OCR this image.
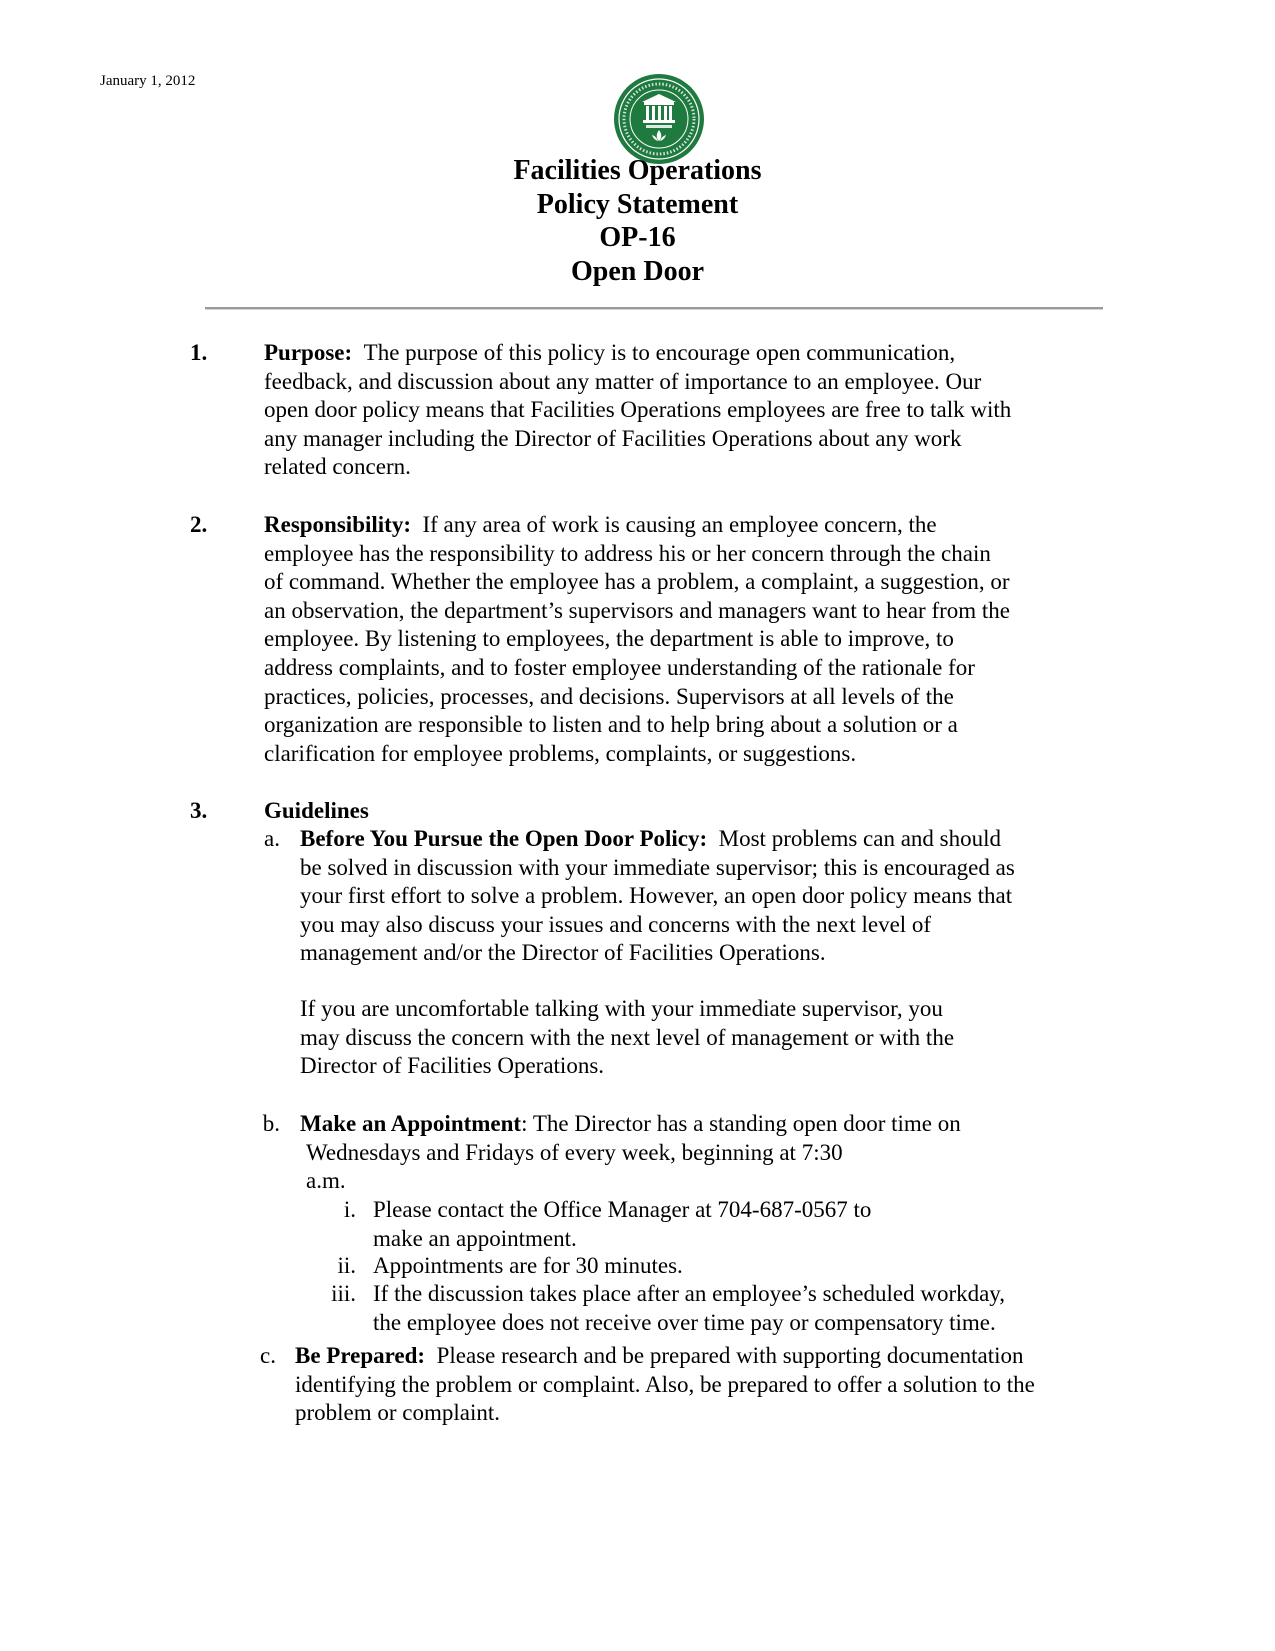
January 1, 2012
Facilities Operations
Policy Statement
OP-16
Open Door
1. Purpose: The purpose of this policy is to encourage open communication,
feedback, and discussion about any matter of importance to an employee. Our
open door policy means that Facilities Operations employees are free to talk with
any manager including the Director of Facilities Operations about any work
related concern.
2. Responsibility: If any area of work is causing an employee concern, the
employee has the responsibility to address his or her concern through the chain
of command. Whether the employee has a problem, a complaint, a suggestion, or
an observation, the department’s supervisors and managers want to hear from the
employee. By listening to employees, the department is able to improve, to
address complaints, and to foster employee understanding of the rationale for
practices, policies, processes, and decisions. Supervisors at all levels of the
organization are responsible to listen and to help bring about a solution or a
clarification for employee problems, complaints, or suggestions.
3. Guidelines
a. Before You Pursue the Open Door Policy: Most problems can and should
be solved in discussion with your immediate supervisor; this is encouraged as
your first effort to solve a problem. However, an open door policy means that
you may also discuss your issues and concerns with the next level of
management and/or the Director of Facilities Operations.
If you are uncomfortable talking with your immediate supervisor, you
may discuss the concern with the next level of management or with the
Director of Facilities Operations.
b. Make an Appointment: The Director has a standing open door time on
Wednesdays and Fridays of every week, beginning at 7:30
a.m.
i. Please contact the Office Manager at 704-687-0567 to
make an appointment.
ii. Appointments are for 30 minutes.
iii. If the discussion takes place after an employee’s scheduled workday,
the employee does not receive over time pay or compensatory time.
c. Be Prepared: Please research and be prepared with supporting documentation
identifying the problem or complaint. Also, be prepared to offer a solution to the
problem or complaint.
